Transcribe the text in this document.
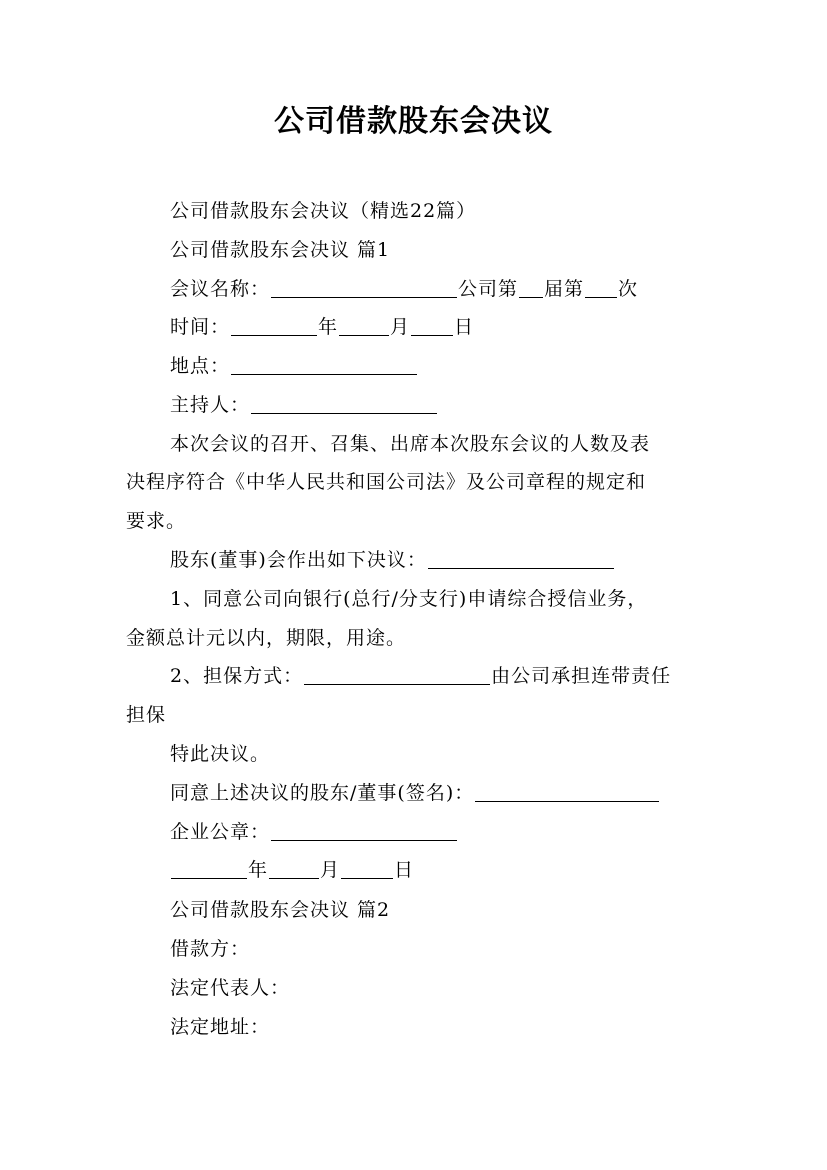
公司借款股东会决议
公司借款股东会决议（精选22篇）
公司借款股东会决议 篇1
会议名称：	公司第 届第 次
时间：	年	月 日
地点：
主持人：
本次会议的召开、召集、出席本次股东会议的人数及表
决程序符合《中华人民共和国公司法》及公司章程的规定和
要求。
股东(董事)会作出如下决议：
1、同意公司向银行(总行/分支行)申请综合授信业务，
金额总计元以内，期限，用途。
2、担保方式：	由公司承担连带责任
担保
特此决议。
同意上述决议的股东/董事(签名)：
企业公章：
年	月	日
公司借款股东会决议 篇2
借款方：
法定代表人：
法定地址：
